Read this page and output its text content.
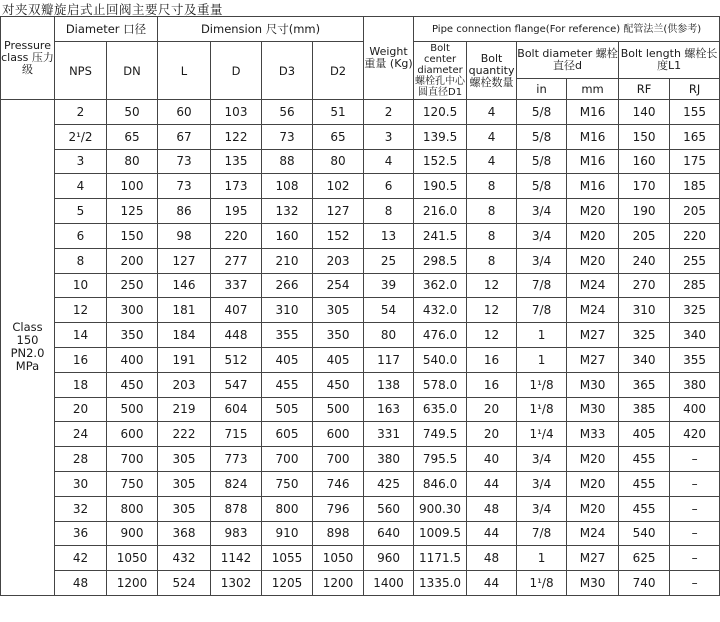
对夹双瓣旋启式止回阀主要尺寸及重量
Pressure class 压力级	Diameter 口径		Dimension 尺寸(mm)				Weight 重量 (Kg)	Pipe connection flange(For reference) 配管法兰(供参考)					
	NPS	DN	L	D	D3	D2		Bolt center diameter 螺栓孔中心圆直径D1	Bolt quantity 螺栓数量	Bolt diameter 螺栓直径d		Bolt length 螺栓长度L1	
										in	mm	RF	RJ
Class 150 PN2.0 MPa	2	50	60	103	56	51	2	120.5	4	5/8	M16	140	155
	2¹/2	65	67	122	73	65	3	139.5	4	5/8	M16	150	165
	3	80	73	135	88	80	4	152.5	4	5/8	M16	160	175
	4	100	73	173	108	102	6	190.5	8	5/8	M16	170	185
	5	125	86	195	132	127	8	216.0	8	3/4	M20	190	205
	6	150	98	220	160	152	13	241.5	8	3/4	M20	205	220
	8	200	127	277	210	203	25	298.5	8	3/4	M20	240	255
	10	250	146	337	266	254	39	362.0	12	7/8	M24	270	285
	12	300	181	407	310	305	54	432.0	12	7/8	M24	310	325
	14	350	184	448	355	350	80	476.0	12	1	M27	325	340
	16	400	191	512	405	405	117	540.0	16	1	M27	340	355
	18	450	203	547	455	450	138	578.0	16	1¹/8	M30	365	380
	20	500	219	604	505	500	163	635.0	20	1¹/8	M30	385	400
	24	600	222	715	605	600	331	749.5	20	1¹/4	M33	405	420
	28	700	305	773	700	700	380	795.5	40	3/4	M20	455	–
	30	750	305	824	750	746	425	846.0	44	3/4	M20	455	–
	32	800	305	878	800	796	560	900.30	48	3/4	M20	455	–
	36	900	368	983	910	898	640	1009.5	44	7/8	M24	540	–
	42	1050	432	1142	1055	1050	960	1171.5	48	1	M27	625	–
	48	1200	524	1302	1205	1200	1400	1335.0	44	1¹/8	M30	740	–
